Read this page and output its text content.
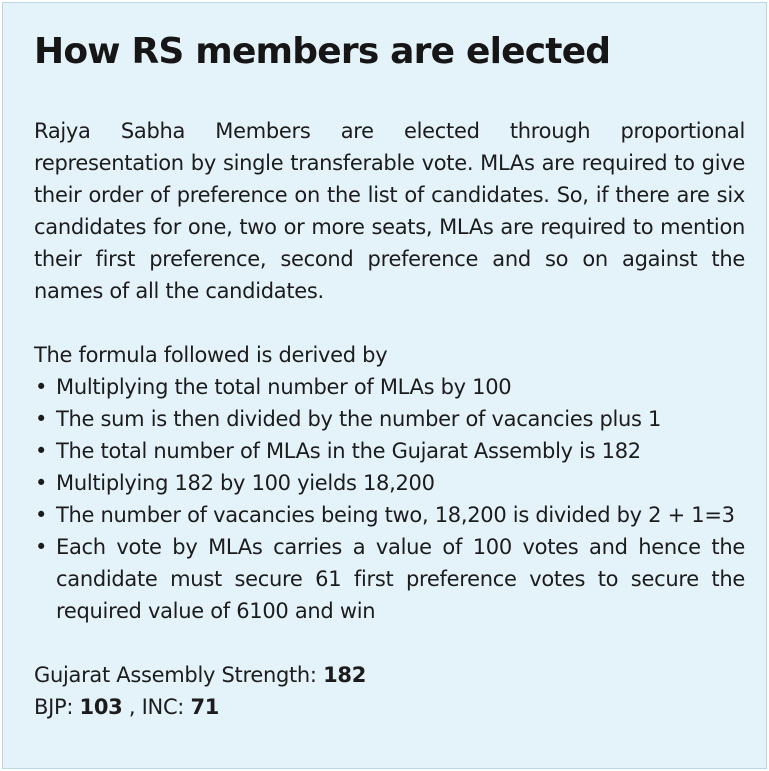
How RS members are elected

Rajya Sabha Members are elected through proportional representation by single transferable vote. MLAs are required to give their order of preference on the list of candidates. So, if there are six candidates for one, two or more seats, MLAs are required to mention their first preference, second preference and so on against the names of all the candidates.

The formula followed is derived by
• Multiplying the total number of MLAs by 100
• The sum is then divided by the number of vacancies plus 1
• The total number of MLAs in the Gujarat Assembly is 182
• Multiplying 182 by 100 yields 18,200
• The number of vacancies being two, 18,200 is divided by 2 + 1=3
• Each vote by MLAs carries a value of 100 votes and hence the candidate must secure 61 first preference votes to secure the required value of 6100 and win
Gujarat Assembly Strength: 182
BJP: 103 , INC: 71
